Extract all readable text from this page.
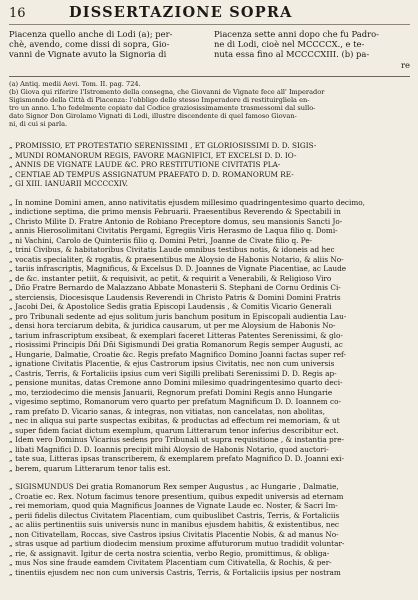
16	DISSERTAZIONE SOPRA
Piacenza quello anche di Lodi (a); per-
chè, avendo, come dissi di sopra, Gio-
vanni de Vignate avuto la Signoria di
Piacenza sette anni dopo che fu Padro-
ne di Lodi, cioè nel MCCCCX., e te-
nuta essa fino al MCCCCXIII. (b) pa-
re
(a) Antiq. medii Aevi. Tom. II. pag. 724.
(b) Giova qui riferire l'Istromento della consegna, che Giovanni de Vignate fece all' Imperador
Sigismondo della Città di Piacenza: l'obbligo dello stesso Imperadore di restituirgliela en-
tro un anno. L'ho fedelmente copiato dal Codice graziosissimamente trasmessomi dal sullo-
dato Signor Don Girolamo Vignati di Lodi, illustre discendente di quel famoso Giovan-
ni, di cui si parla.
„ PROMISSIO, ET PROTESTATIO SERENISSIMI , ET GLORIOSISSIMI D. D. SIGIS-
„ MUNDI ROMANORUM REGIS, FAVORE MAGNIFICI, ET EXCELSI D. D. IO-
„ ANNIS DE VIGNATE LAUDE &C. PRO RESTITUTIONE CIVITATIS PLA-
„ CENTIAE AD TEMPUS ASSIGNATUM PRAEFATO D. D. ROMANORUM RE-
„ GI XIII. IANUARII MCCCCXIV.
„ In nomine Domini amen, anno nativitatis ejusdem millesimo quadringentesimo quarto decimo,
„ indictione septima, die primo mensis Februarii. Praesentibus Reverendo & Spectabili in
„ Christo Milite D. Fratre Antonio de Robiano Preceptore domus, seu mansionis Sancti Jo-
„ annis Hierosolimitani Civitatis Pergami, Egregiis Viris Herasmo de Laqua filio q. Domi-
„ ni Vachini, Carolo de Quinteriis filio q. Domini Petri, Joanne de Civate filio q. Pe-
„ trini Civibus, & habitatoribus Civitatis Laude omnibus testibus notis, & idoneis ad hec
„ vocatis specialiter, & rogatis, & praesentibus me Aloysio de Habonis Notario, & aliis No-
„ tariis infrascriptis, Magnificus, & Excelsus D. D. Joannes de Vignate Piacentiae, ac Laude
„ de &c. instanter petiit, & requisivit, ac petit, & requirit a Venerabili, & Religioso Viro
„ Dño Fratre Bernardo de Malazzano Abbate Monasterii S. Stephani de Cornu Ordinis Ci-
„ sterciensis, Diocesisque Laudensis Reverendi in Christo Patris & Domini Domini Fratris
„ Jacobi Dei, & Apostolice Sedis gratia Episcopi Laudensis , & Comitis Vicario Generali
„ pro Tribunali sedente ad ejus solitum juris banchum positum in Episcopali audientia Lau-
„ densi hora terciarum debita, & juridica causarum, ut per me Aloysium de Habonis No-
„ tarium infrascriptum exsibeat, & exemplari faceret Litteras Patentes Serenissimi, & glo-
„ riosissimi Principis Dñi Dñi Sigismundi Dei gratia Romanorum Regis semper Augusti, ac
„ Hungarie, Dalmatie, Croatie &c. Regis prefato Magnifico Domino Joanni factas super ref-
„ ignatione Civitatis Placentie, & ejus Castrorum ipsius Civitatis, nec non cum universis
„ Castris, Terris, & Fortaliciis ipsius cum veri Sigilli prelibati Serenissimi D. D. Regis ap-
„ pensione munitas, datas Cremone anno Domini milesimo quadringentesimo quarto deci-
„ mo, terziodecimo die mensis Januarii, Regnorum prefati Domini Regis anno Hungarie
„ vigesimo septimo, Romanorum vero quarto per prefatum Magnificum D. D. Ioannem co-
„ ram prefato D. Vicario sanas, & integras, non vitiatas, non cancelatas, non abolitas,
„ nec in aliqua sui parte suspectas exibitas, & productas ad effectum rei memoriam, & ut
„ super fidem faciat dictum exemplum, quarum Litterarum tenor inferius describitur ect.
„ Idem vero Dominus Vicarius sedens pro Tribunali ut supra requisitione , & instantia pre-
„ libati Magnifici D. D. Ioannis precipit mihi Aloysio de Habonis Notario, quod auctori-
„ tate sua, Litteras ipsas transcriberem, & exemplarem prefato Magnifico D. D. Joanni exi-
„ berem, quarum Litterarum tenor talis est.
„ SIGISMUNDUS Dei gratia Romanorum Rex semper Augustus , ac Hungarie , Dalmatie,
„ Croatie ec. Rex. Notum facimus tenore presentium, quibus expedit universis ad eternam
„ rei memoriam, quod quia Magnificus Joannes de Vignate Laude ec. Noster, & Sacri Im-
„ perii fidelis dilectus Civitatem Placentiam, cum quibuslibet Castris, Terris, & Fortaliciis
„ ac aliis pertinentiis suis universis nunc in manibus ejusdem habitis, & existentibus, nec
„ non Citivatellam, Roccas, sive Castros ipsius Civitatis Placentie Nobis, & ad manus No-
„ stras usque ad partium diodecim mensium proxime affuturorum mutuo tradidit voluntar-
„ rie, & assignavit. Igitur de certa nostra scientia, verbo Regio, promittimus, & obliga-
„ mus Nos sine fraude eamdem Civitatem Placentiam cum Citivatella, & Rochis, & per-
„ tinentiis ejusdem nec non cum universis Castris, Terris, & Fortaliciis ipsius per nostram
